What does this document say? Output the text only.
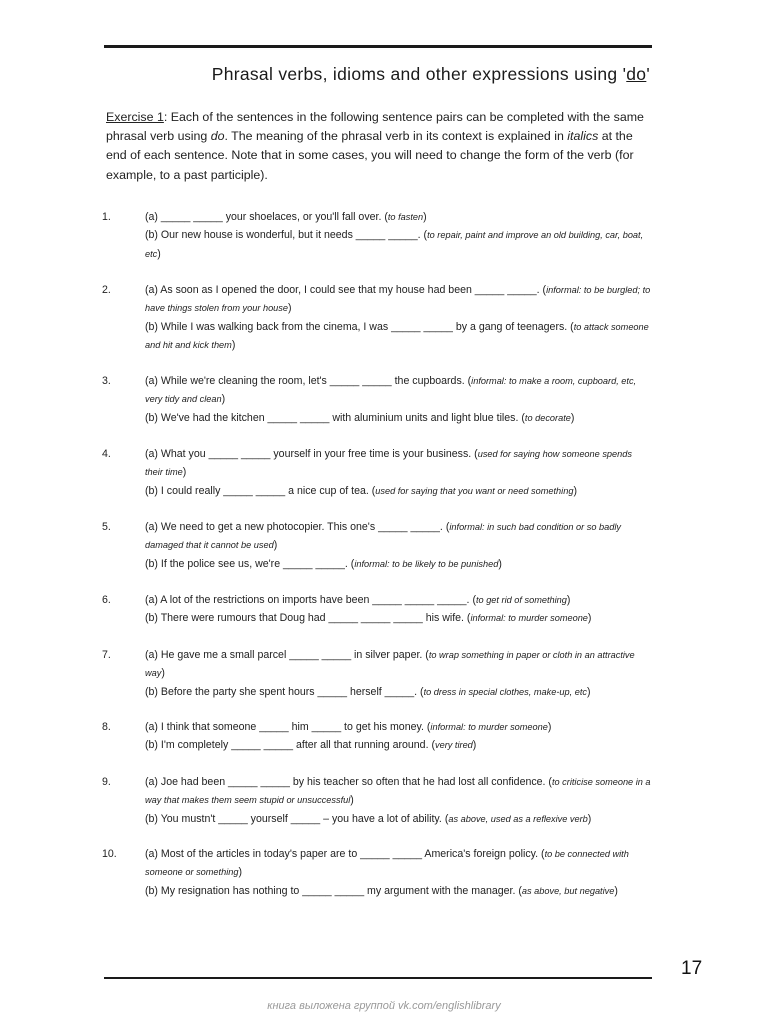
Phrasal verbs, idioms and other expressions using 'do'
Exercise 1: Each of the sentences in the following sentence pairs can be completed with the same phrasal verb using do. The meaning of the phrasal verb in its context is explained in italics at the end of each sentence. Note that in some cases, you will need to change the form of the verb (for example, to a past participle).
1.	(a) _____ _____ your shoelaces, or you'll fall over. (to fasten)

(b) Our new house is wonderful, but it needs _____ _____. (to repair, paint and improve an old building, car, boat, etc)

2.	(a) As soon as I opened the door, I could see that my house had been _____ _____. (informal: to be burgled; to have things stolen from your house)

(b) While I was walking back from the cinema, I was _____ _____ by a gang of teenagers. (to attack someone and hit and kick them)

3.	(a) While we're cleaning the room, let's _____ _____ the cupboards. (informal: to make a room, cupboard, etc, very tidy and clean)

(b) We've had the kitchen _____ _____ with aluminium units and light blue tiles. (to decorate)

4.	(a) What you _____ _____ yourself in your free time is your business. (used for saying how someone spends their time)

(b) I could really _____ _____ a nice cup of tea. (used for saying that you want or need something)

5.	(a) We need to get a new photocopier. This one's _____ _____. (informal: in such bad condition or so badly damaged that it cannot be used)

(b) If the police see us, we're _____ _____. (informal: to be likely to be punished)

6.	(a) A lot of the restrictions on imports have been _____ _____ _____. (to get rid of something)

(b) There were rumours that Doug had _____ _____ _____ his wife. (informal: to murder someone)

7.	(a) He gave me a small parcel _____ _____ in silver paper. (to wrap something in paper or cloth in an attractive way)

(b) Before the party she spent hours _____ herself _____. (to dress in special clothes, make-up, etc)

8.	(a) I think that someone _____ him _____ to get his money. (informal: to murder someone)

(b) I'm completely _____ _____ after all that running around. (very tired)

9.	(a) Joe had been _____ _____ by his teacher so often that he had lost all confidence. (to criticise someone in a way that makes them seem stupid or unsuccessful)

(b) You mustn't _____ yourself _____ – you have a lot of ability. (as above, used as a reflexive verb)

10.	(a) Most of the articles in today's paper are to _____ _____ America's foreign policy. (to be connected with someone or something)

(b) My resignation has nothing to _____ _____ my argument with the manager. (as above, but negative)

17
книга выложена группой vk.com/englishlibrary
